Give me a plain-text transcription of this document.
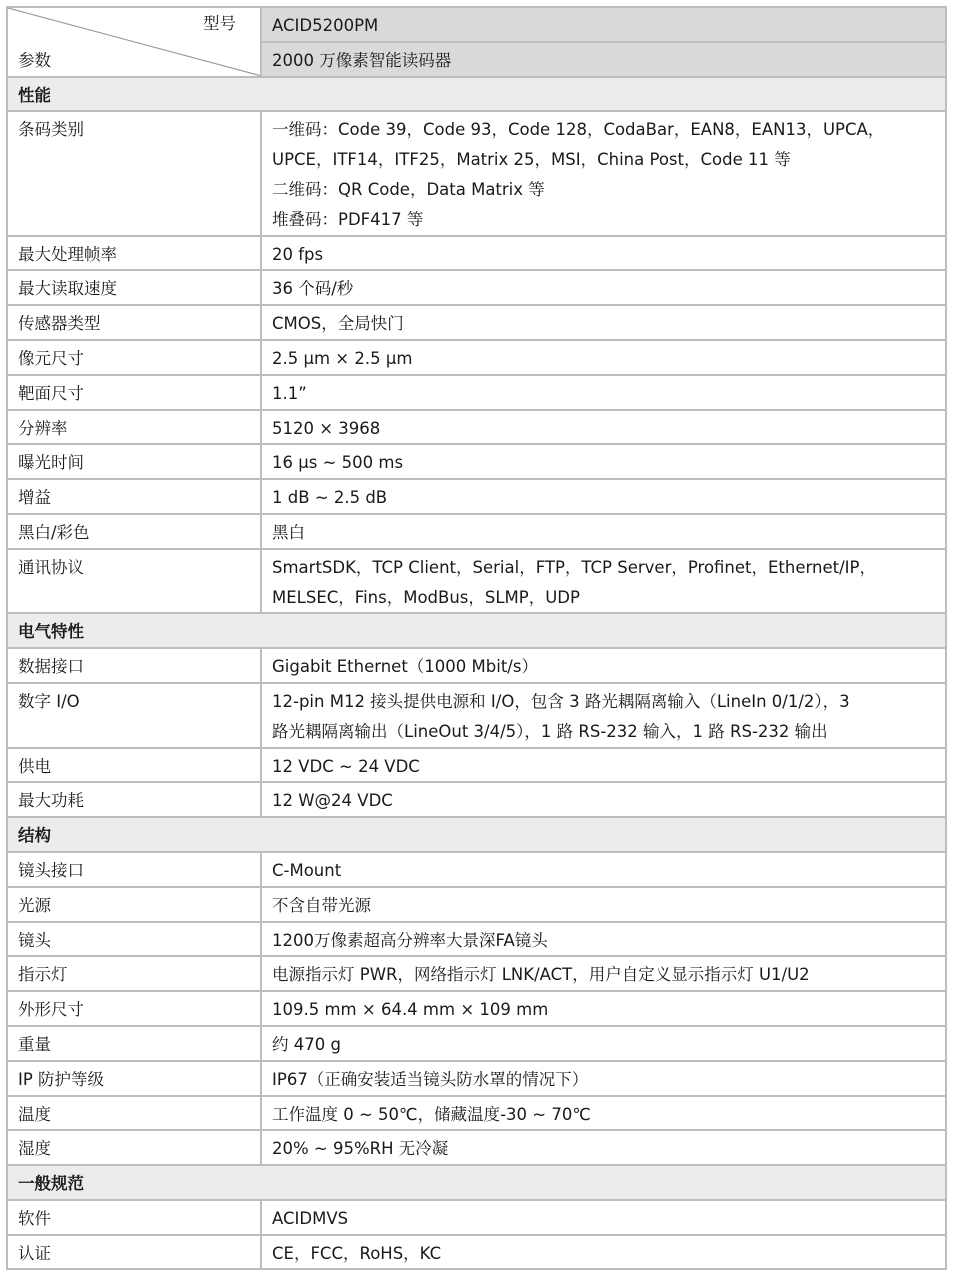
型号
参数	ACID5200PM
	2000 万像素智能读码器
性能	
条码类别	一维码：Code 39，Code 93，Code 128，CodaBar，EAN8，EAN13，UPCA，
UPCE，ITF14，ITF25，Matrix 25，MSI，China Post，Code 11 等
二维码：QR Code，Data Matrix 等
堆叠码：PDF417 等

最大处理帧率	20 fps

最大读取速度	36 个码/秒

传感器类型	CMOS，全局快门

像元尺寸	2.5 μm × 2.5 μm

靶面尺寸	1.1”

分辨率	5120 × 3968

曝光时间	16 μs ~ 500 ms

增益	1 dB ~ 2.5 dB

黑白/彩色	黑白

通讯协议	SmartSDK，TCP Client，Serial，FTP，TCP Server，Profinet，Ethernet/IP，
MELSEC，Fins，ModBus，SLMP，UDP

电气特性	
数据接口	Gigabit Ethernet（1000 Mbit/s）

数字 I/O	12-pin M12 接头提供电源和 I/O，包含 3 路光耦隔离输入（LineIn 0/1/2），3
路光耦隔离输出（LineOut 3/4/5），1 路 RS-232 输入，1 路 RS-232 输出

供电	12 VDC ~ 24 VDC

最大功耗	12 W@24 VDC

结构	
镜头接口	C-Mount

光源	不含自带光源

镜头	1200万像素超高分辨率大景深FA镜头

指示灯	电源指示灯 PWR，网络指示灯 LNK/ACT，用户自定义显示指示灯 U1/U2

外形尺寸	109.5 mm × 64.4 mm × 109 mm

重量	约 470 g

IP 防护等级	IP67（正确安装适当镜头防水罩的情况下）

温度	工作温度 0 ~ 50℃，储藏温度-30 ~ 70℃

湿度	20% ~ 95%RH 无冷凝

一般规范	
软件	ACIDMVS

认证	CE，FCC，RoHS，KC
